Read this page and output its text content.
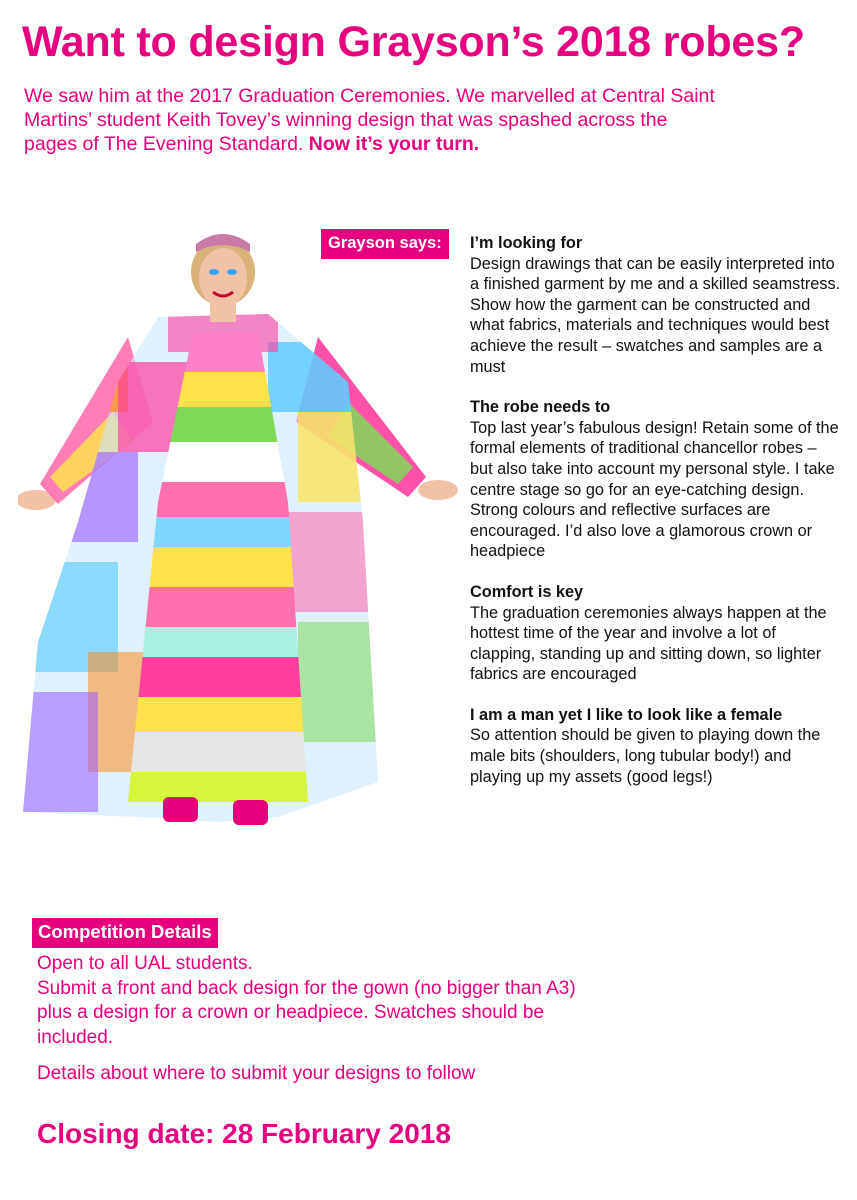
Want to design Grayson’s 2018 robes?
We saw him at the 2017 Graduation Ceremonies. We marvelled at Central Saint Martins’ student Keith Tovey’s winning design that was spashed across the pages of The Evening Standard. Now it’s your turn.
Grayson says:	I’m looking for

Design drawings that can be easily interpreted into a finished garment by me and a skilled seamstress. Show how the garment can be constructed and what fabrics, materials and techniques would best achieve the result – swatches and samples are a must

The robe needs to

Top last year’s fabulous design! Retain some of the formal elements of traditional chancellor robes – but also take into account my personal style. I take centre stage so go for an eye-catching design. Strong colours and reflective surfaces are encouraged. I’d also love a glamorous crown or headpiece

Comfort is key

The graduation ceremonies always happen at the hottest time of the year and involve a lot of clapping, standing up and sitting down, so lighter fabrics are encouraged

I am a man yet I like to look like a female

So attention should be given to playing down the male bits (shoulders, long tubular body!) and playing up my assets (good legs!)

Competition Details

Open to all UAL students.

Submit a front and back design for the gown (no bigger than A3) plus a design for a crown or headpiece. Swatches should be included.

Details about where to submit your designs to follow

Closing date: 28 February 2018
